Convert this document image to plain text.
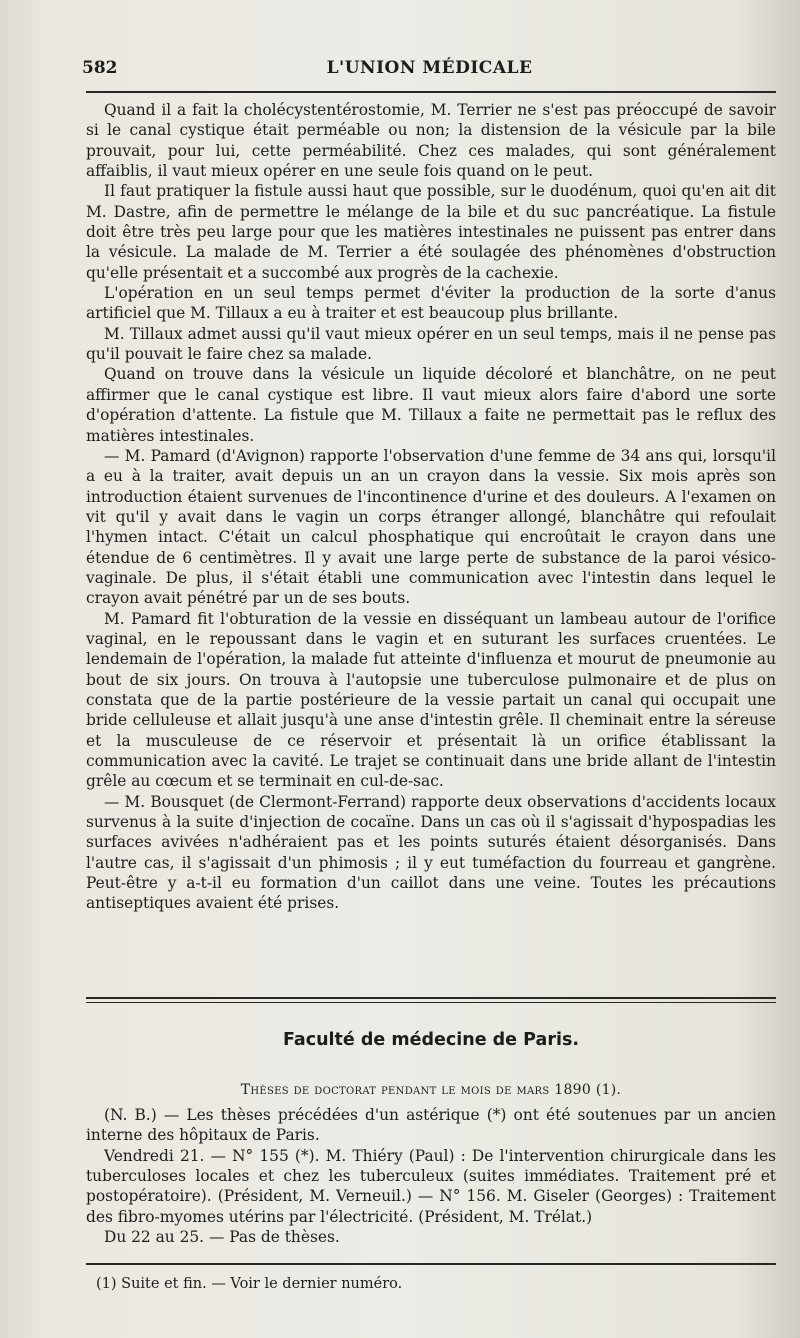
582	L'UNION MÉDICALE

Quand il a fait la cholécystentérostomie, M. Terrier ne s'est pas préoccupé de savoir si le canal cystique était perméable ou non; la distension de la vésicule par la bile prouvait, pour lui, cette perméabilité. Chez ces malades, qui sont généralement affaiblis, il vaut mieux opérer en une seule fois quand on le peut.

Il faut pratiquer la fistule aussi haut que possible, sur le duodénum, quoi qu'en ait dit M. Dastre, afin de permettre le mélange de la bile et du suc pancréatique. La fistule doit être très peu large pour que les matières intestinales ne puissent pas entrer dans la vésicule. La malade de M. Terrier a été soulagée des phénomènes d'obstruction qu'elle présentait et a succombé aux progrès de la cachexie.

L'opération en un seul temps permet d'éviter la production de la sorte d'anus artificiel que M. Tillaux a eu à traiter et est beaucoup plus brillante.

M. Tillaux admet aussi qu'il vaut mieux opérer en un seul temps, mais il ne pense pas qu'il pouvait le faire chez sa malade.

Quand on trouve dans la vésicule un liquide décoloré et blanchâtre, on ne peut affirmer que le canal cystique est libre. Il vaut mieux alors faire d'abord une sorte d'opération d'attente. La fistule que M. Tillaux a faite ne permettait pas le reflux des matières intestinales.

— M. Pamard (d'Avignon) rapporte l'observation d'une femme de 34 ans qui, lorsqu'il a eu à la traiter, avait depuis un an un crayon dans la vessie. Six mois après son introduction étaient survenues de l'incontinence d'urine et des douleurs. A l'examen on vit qu'il y avait dans le vagin un corps étranger allongé, blanchâtre qui refoulait l'hymen intact. C'était un calcul phosphatique qui encroûtait le crayon dans une étendue de 6 centimètres. Il y avait une large perte de substance de la paroi vésico-vaginale. De plus, il s'était établi une communication avec l'intestin dans lequel le crayon avait pénétré par un de ses bouts.

M. Pamard fit l'obturation de la vessie en disséquant un lambeau autour de l'orifice vaginal, en le repoussant dans le vagin et en suturant les surfaces cruentées. Le lendemain de l'opération, la malade fut atteinte d'influenza et mourut de pneumonie au bout de six jours. On trouva à l'autopsie une tuberculose pulmonaire et de plus on constata que de la partie postérieure de la vessie partait un canal qui occupait une bride celluleuse et allait jusqu'à une anse d'intestin grêle. Il cheminait entre la séreuse et la musculeuse de ce réservoir et présentait là un orifice établissant la communication avec la cavité. Le trajet se continuait dans une bride allant de l'intestin grêle au cœcum et se terminait en cul-de-sac.

— M. Bousquet (de Clermont-Ferrand) rapporte deux observations d'accidents locaux survenus à la suite d'injection de cocaïne. Dans un cas où il s'agissait d'hypospadias les surfaces avivées n'adhéraient pas et les points suturés étaient désorganisés. Dans l'autre cas, il s'agissait d'un phimosis ; il y eut tuméfaction du fourreau et gangrène. Peut-être y a-t-il eu formation d'un caillot dans une veine. Toutes les précautions antiseptiques avaient été prises.

Faculté de médecine de Paris.
Thèses de doctorat pendant le mois de mars 1890 (1).

(N. B.) — Les thèses précédées d'un astérique (*) ont été soutenues par un ancien interne des hôpitaux de Paris.

Vendredi 21. — N° 155 (*). M. Thiéry (Paul) : De l'intervention chirurgicale dans les tuberculoses locales et chez les tuberculeux (suites immédiates. Traitement pré et postopératoire). (Président, M. Verneuil.) — N° 156. M. Giseler (Georges) : Traitement des fibro-myomes utérins par l'électricité. (Président, M. Trélat.)

Du 22 au 25. — Pas de thèses.

(1) Suite et fin. — Voir le dernier numéro.
